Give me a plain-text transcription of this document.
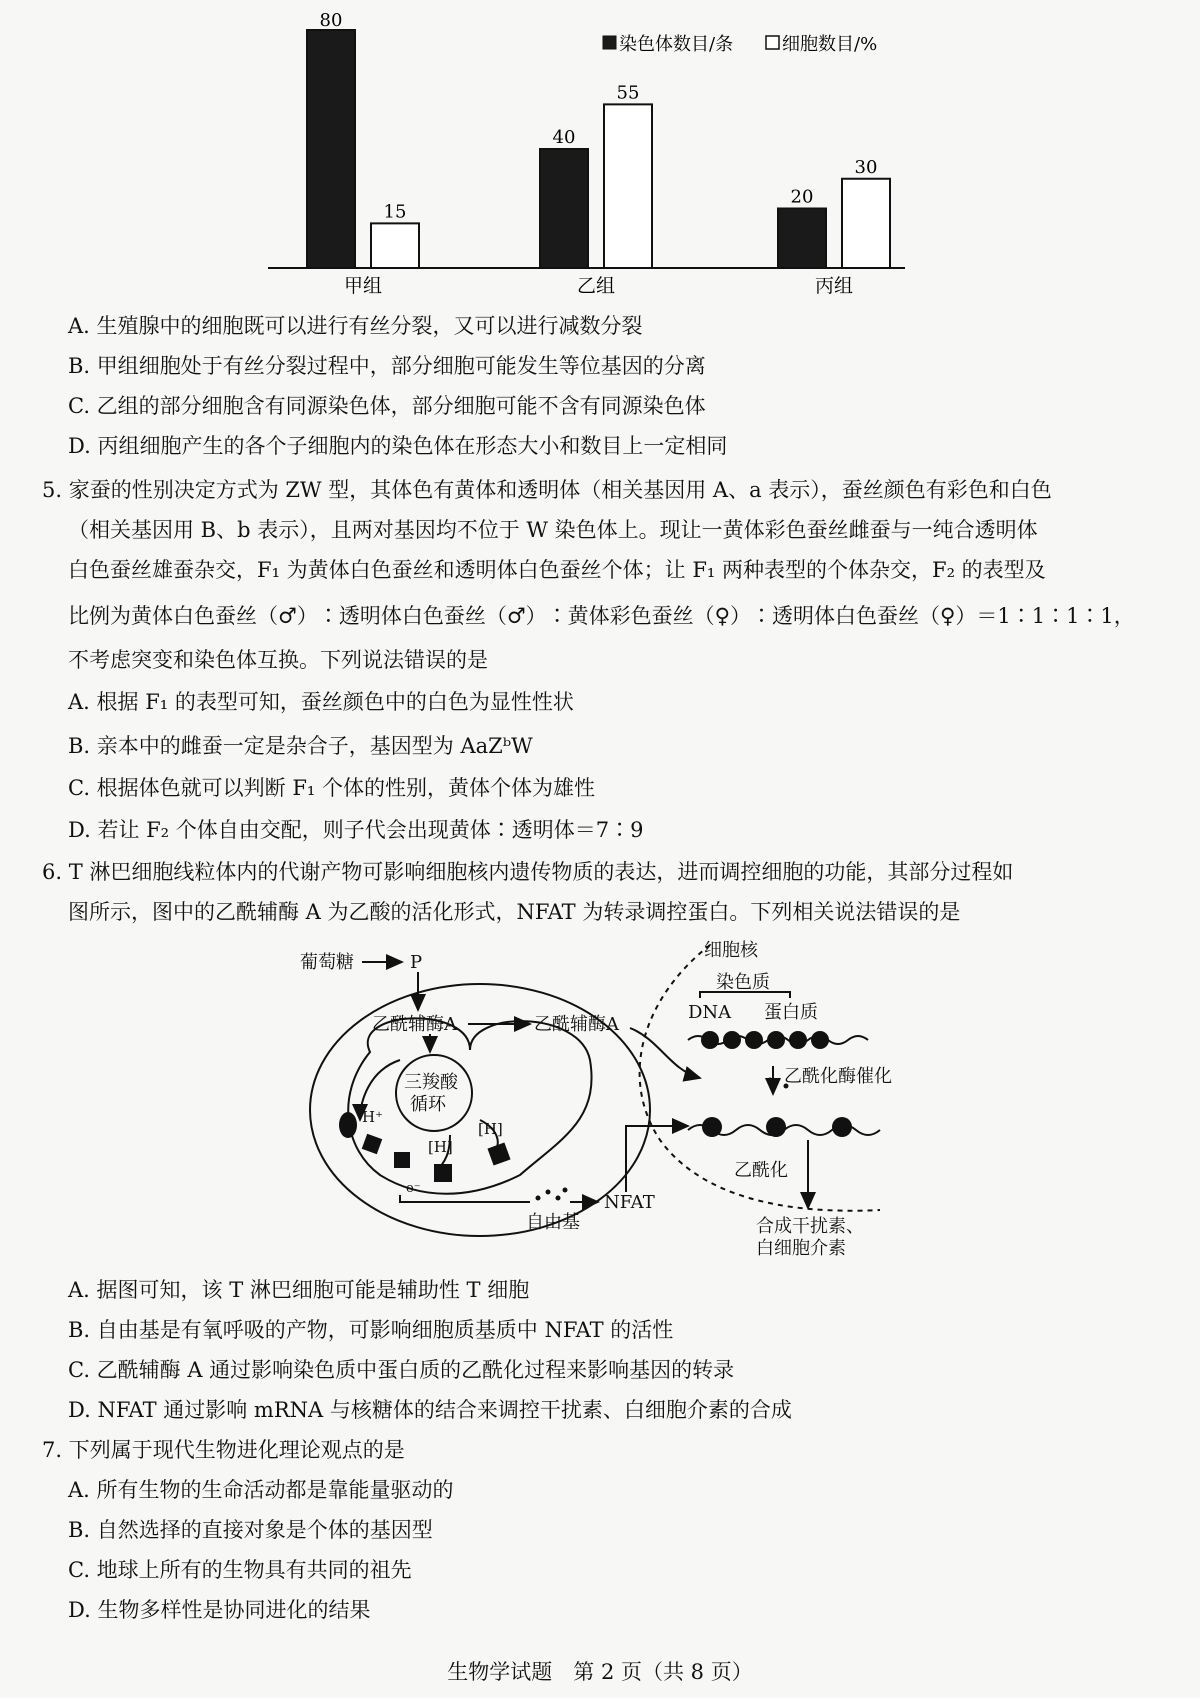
80
15
甲组
40
55
乙组
20
30
丙组
染色体数目/条	细胞数目/%
A. 生殖腺中的细胞既可以进行有丝分裂，又可以进行减数分裂
B. 甲组细胞处于有丝分裂过程中，部分细胞可能发生等位基因的分离
C. 乙组的部分细胞含有同源染色体，部分细胞可能不含有同源染色体
D. 丙组细胞产生的各个子细胞内的染色体在形态大小和数目上一定相同
5. 家蚕的性别决定方式为 ZW 型，其体色有黄体和透明体（相关基因用 A、a 表示），蚕丝颜色有彩色和白色
（相关基因用 B、b 表示），且两对基因均不位于 W 染色体上。现让一黄体彩色蚕丝雌蚕与一纯合透明体
白色蚕丝雄蚕杂交，F₁ 为黄体白色蚕丝和透明体白色蚕丝个体；让 F₁ 两种表型的个体杂交，F₂ 的表型及
比例为黄体白色蚕丝（♂）∶透明体白色蚕丝（♂）∶黄体彩色蚕丝（♀）∶透明体白色蚕丝（♀）＝1∶1∶1∶1，
不考虑突变和染色体互换。下列说法错误的是
A. 根据 F₁ 的表型可知，蚕丝颜色中的白色为显性性状
B. 亲本中的雌蚕一定是杂合子，基因型为 AaZᵇW
C. 根据体色就可以判断 F₁ 个体的性别，黄体个体为雄性
D. 若让 F₂ 个体自由交配，则子代会出现黄体∶透明体＝7∶9
6. T 淋巴细胞线粒体内的代谢产物可影响细胞核内遗传物质的表达，进而调控细胞的功能，其部分过程如
图所示，图中的乙酰辅酶 A 为乙酸的活化形式，NFAT 为转录调控蛋白。下列相关说法错误的是
葡萄糖	P
乙酰辅酶A	乙酰辅酶A
三羧酸
循环
H⁺
[H]
[H]
e⁻
自由基
NFAT
细胞核
染色质
DNA 蛋白质
乙酰化酶催化
乙酰化
合成干扰素、
白细胞介素
A. 据图可知，该 T 淋巴细胞可能是辅助性 T 细胞
B. 自由基是有氧呼吸的产物，可影响细胞质基质中 NFAT 的活性
C. 乙酰辅酶 A 通过影响染色质中蛋白质的乙酰化过程来影响基因的转录
D. NFAT 通过影响 mRNA 与核糖体的结合来调控干扰素、白细胞介素的合成
7. 下列属于现代生物进化理论观点的是
A. 所有生物的生命活动都是靠能量驱动的
B. 自然选择的直接对象是个体的基因型
C. 地球上所有的生物具有共同的祖先
D. 生物多样性是协同进化的结果
生物学试题　第 2 页（共 8 页）
